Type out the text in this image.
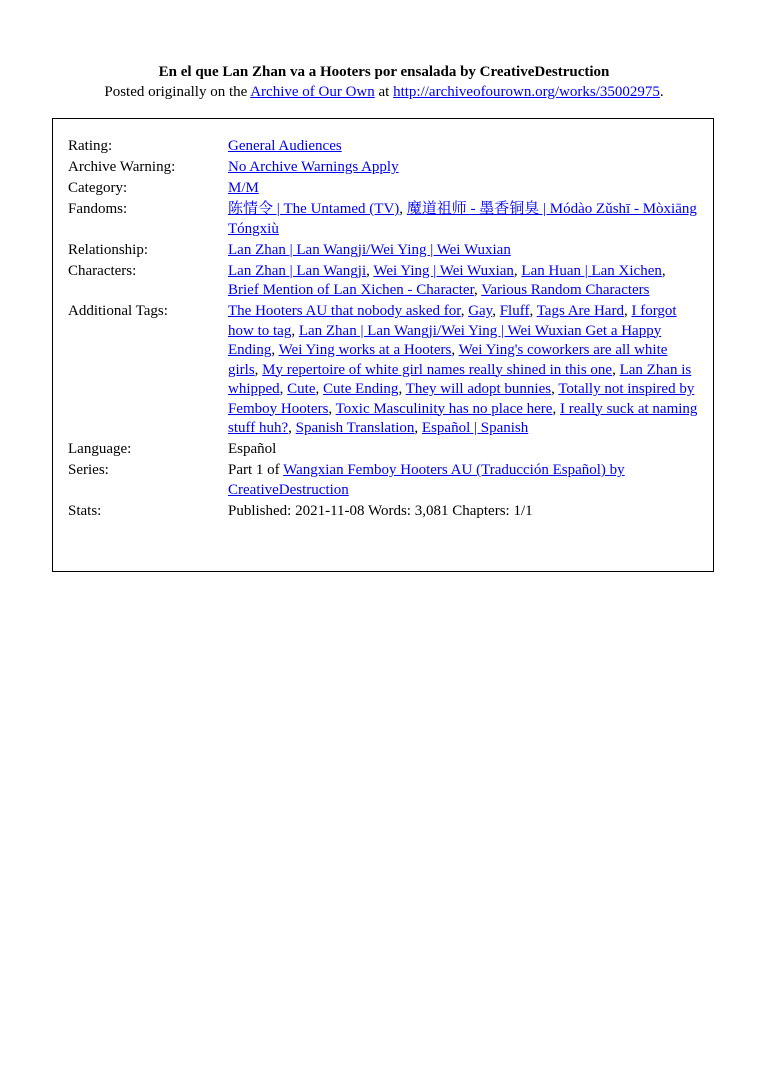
En el que Lan Zhan va a Hooters por ensalada by CreativeDestruction
Posted originally on the Archive of Our Own at http://archiveofourown.org/works/35002975.
Rating:	General Audiences
Archive Warning:	No Archive Warnings Apply
Category:	M/M
Fandoms:	陈情令 | The Untamed (TV), 魔道祖师 - 墨香铜臭 | Módào Zǔshī - Mòxiāng Tóngxiù
Relationship:	Lan Zhan | Lan Wangji/Wei Ying | Wei Wuxian
Characters:	Lan Zhan | Lan Wangji, Wei Ying | Wei Wuxian, Lan Huan | Lan Xichen, Brief Mention of Lan Xichen - Character, Various Random Characters
Additional Tags:	The Hooters AU that nobody asked for, Gay, Fluff, Tags Are Hard, I forgot how to tag, Lan Zhan | Lan Wangji/Wei Ying | Wei Wuxian Get a Happy Ending, Wei Ying works at a Hooters, Wei Ying's coworkers are all white girls, My repertoire of white girl names really shined in this one, Lan Zhan is whipped, Cute, Cute Ending, They will adopt bunnies, Totally not inspired by Femboy Hooters, Toxic Masculinity has no place here, I really suck at naming stuff huh?, Spanish Translation, Español | Spanish
Language:	Español
Series:	Part 1 of Wangxian Femboy Hooters AU (Traducción Español) by CreativeDestruction
Stats:	Published: 2021-11-08 Words: 3,081 Chapters: 1/1
